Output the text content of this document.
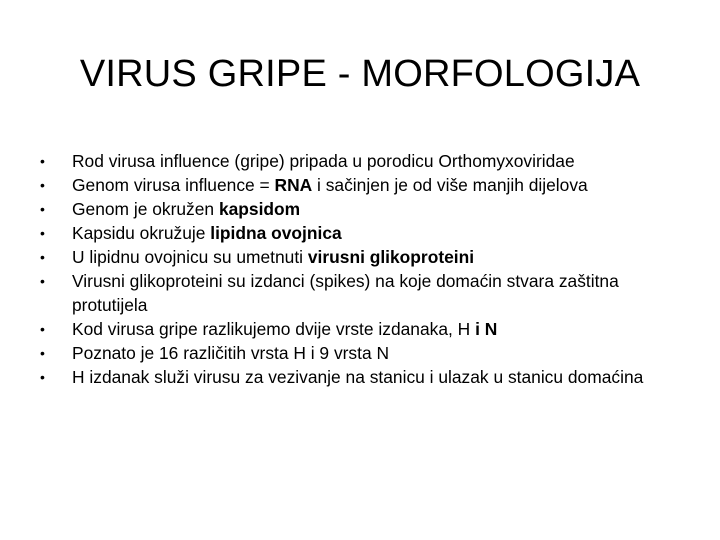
VIRUS GRIPE - MORFOLOGIJA
•	Rod virusa influence (gripe) pripada u porodicu Orthomyxoviridae
•	Genom virusa influence = RNA i sačinjen je od više manjih dijelova
•	Genom je okružen kapsidom
•	Kapsidu okružuje lipidna ovojnica
•	U lipidnu ovojnicu su umetnuti virusni glikoproteini
•	Virusni glikoproteini su izdanci (spikes) na koje domaćin stvara zaštitna protutijela
•	Kod virusa gripe razlikujemo dvije vrste izdanaka, H i N
•	Poznato je 16 različitih vrsta H i 9 vrsta N
•	H izdanak služi virusu za vezivanje na stanicu i ulazak u stanicu domaćina
